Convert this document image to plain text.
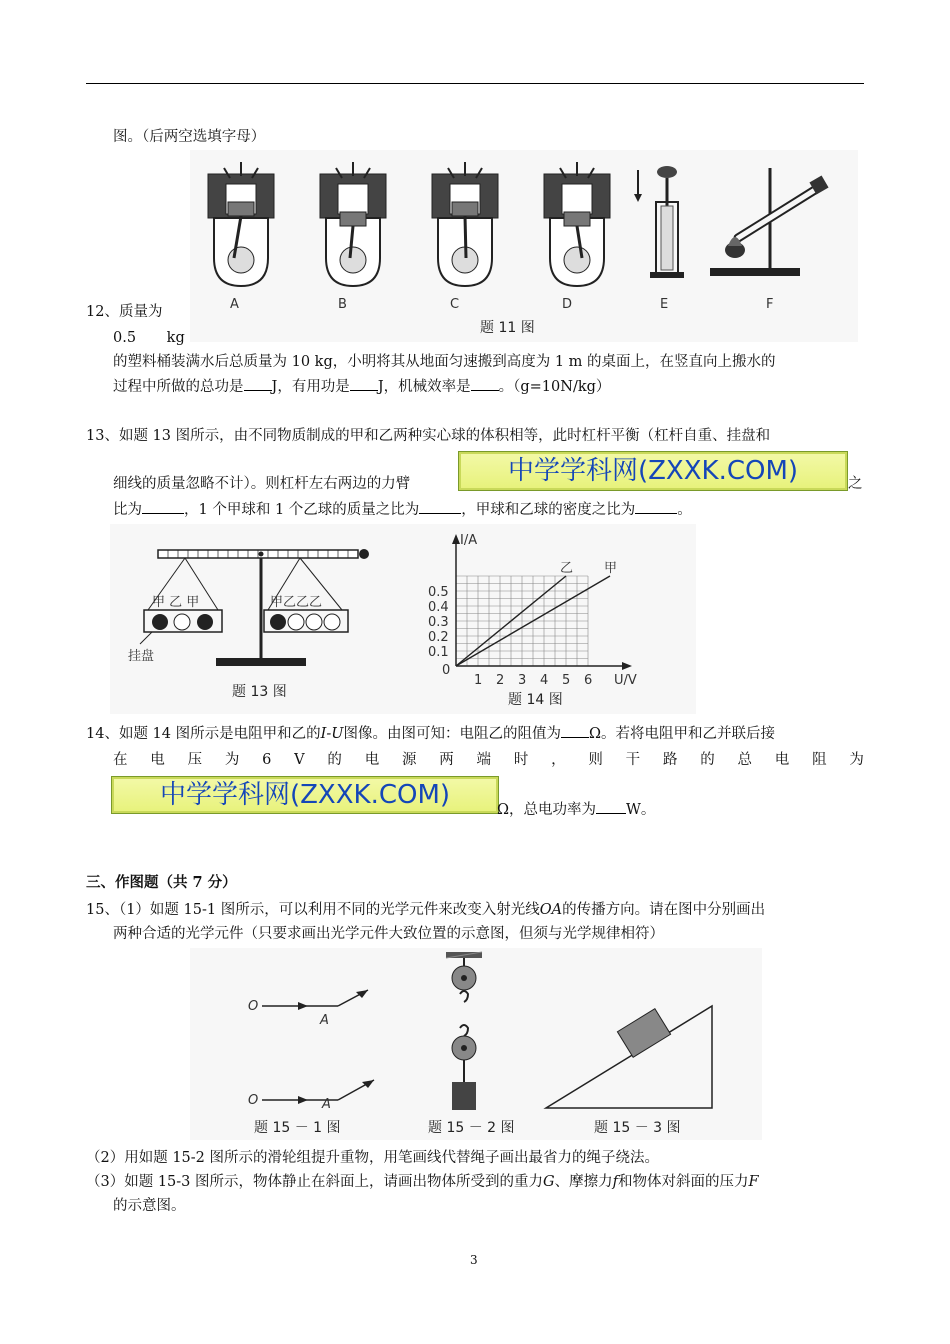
图。（后两空选填字母）
A	B	C	D	E	F
题 11 图
12、质量为
0.5 kg
的塑料桶装满水后总质量为 10 kg，小明将其从地面匀速搬到高度为 1 m 的桌面上，在竖直向上搬水的
过程中所做的总功是 J，有用功是 J，机械效率是 。（g=10N/kg）
13、如题 13 图所示，由不同物质制成的甲和乙两种实心球的体积相等，此时杠杆平衡（杠杆自重、挂盘和
细线的质量忽略不计）。则杠杆左右两边的力臂	中学学科网(ZXXK.COM)	之
比为	，1 个甲球和 1 个乙球的质量之比为	，甲球和乙球的密度之比为	。
甲 乙 甲	甲乙乙乙
挂盘
题 13 图
I/A
U/V
0
0.5
0.4
0.3
0.2
0.1
1 2 3 4 5 6
乙 甲
题 14 图
14、如题 14 图所示是电阻甲和乙的I-U图像。由图可知：电阻乙的阻值为 Ω。若将电阻甲和乙并联后接
在 电 压 为 6 V 的 电 源 两 端 时 ， 则 干 路 的 总 电 阻 为
中学学科网(ZXXK.COM)	Ω，总电功率为 W。
三、作图题（共 7 分）
15、（1）如题 15-1 图所示，可以利用不同的光学元件来改变入射光线OA的传播方向。请在图中分别画出
两种合适的光学元件（只要求画出光学元件大致位置的示意图，但须与光学规律相符）
O
A
O	A
题 15 － 1 图	题 15 － 2 图	题 15 － 3 图
（2）用如题 15-2 图所示的滑轮组提升重物，用笔画线代替绳子画出最省力的绳子绕法。
（3）如题 15-3 图所示，物体静止在斜面上，请画出物体所受到的重力G、摩擦力f和物体对斜面的压力F
的示意图。
3
